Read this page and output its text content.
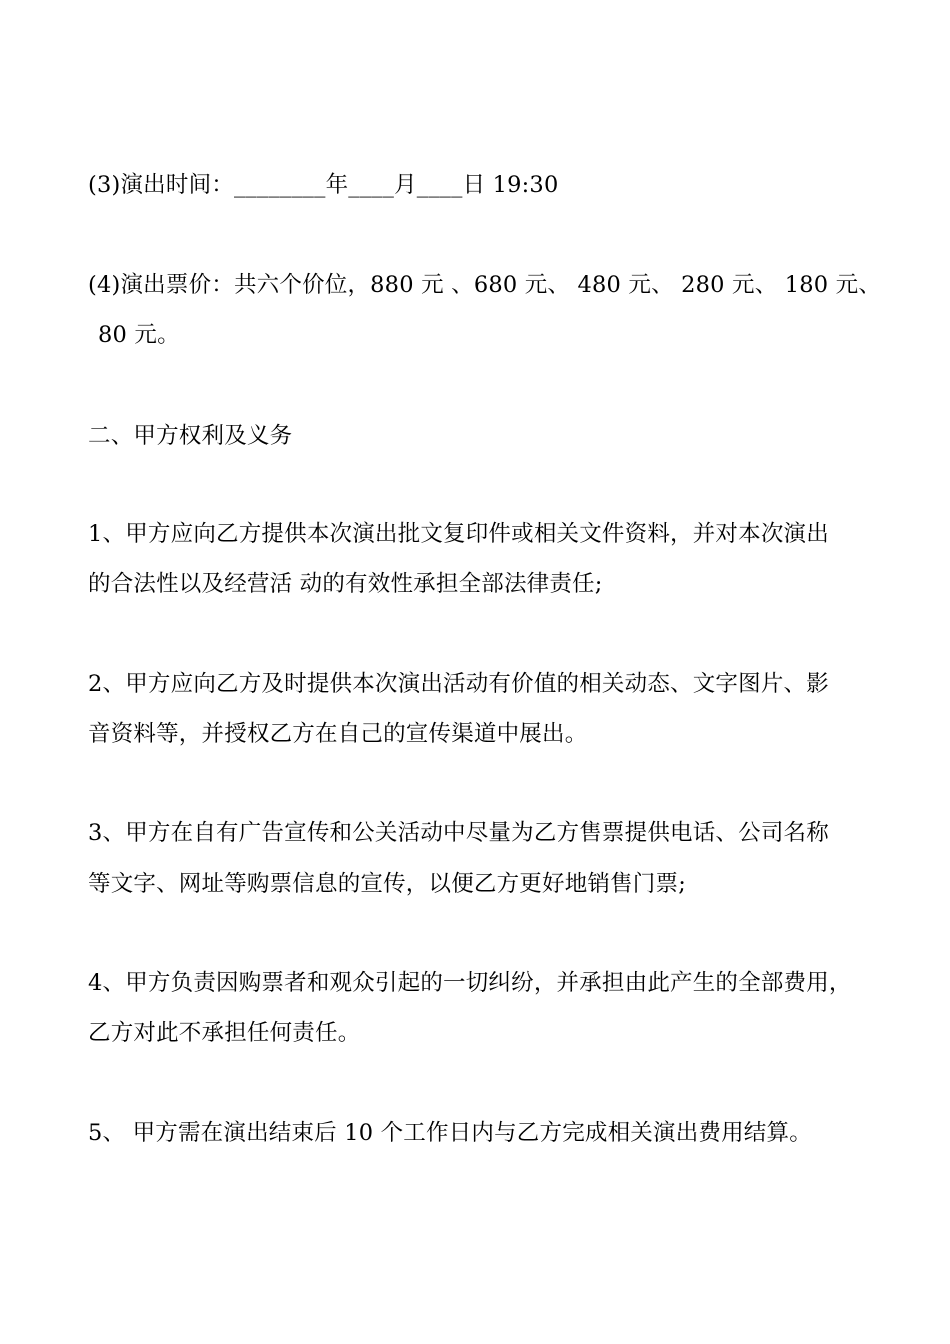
(3)演出时间：________年____月____日 19:30
(4)演出票价：共六个价位，880 元 、680 元、 480 元、 280 元、 180 元、
80 元。
二、甲方权利及义务
1、甲方应向乙方提供本次演出批文复印件或相关文件资料，并对本次演出
的合法性以及经营活 动的有效性承担全部法律责任;
2、甲方应向乙方及时提供本次演出活动有价值的相关动态、文字图片、影
音资料等，并授权乙方在自己的宣传渠道中展出。
3、甲方在自有广告宣传和公关活动中尽量为乙方售票提供电话、公司名称
等文字、网址等购票信息的宣传，以便乙方更好地销售门票;
4、甲方负责因购票者和观众引起的一切纠纷，并承担由此产生的全部费用，
乙方对此不承担任何责任。
5、 甲方需在演出结束后 10 个工作日内与乙方完成相关演出费用结算。
